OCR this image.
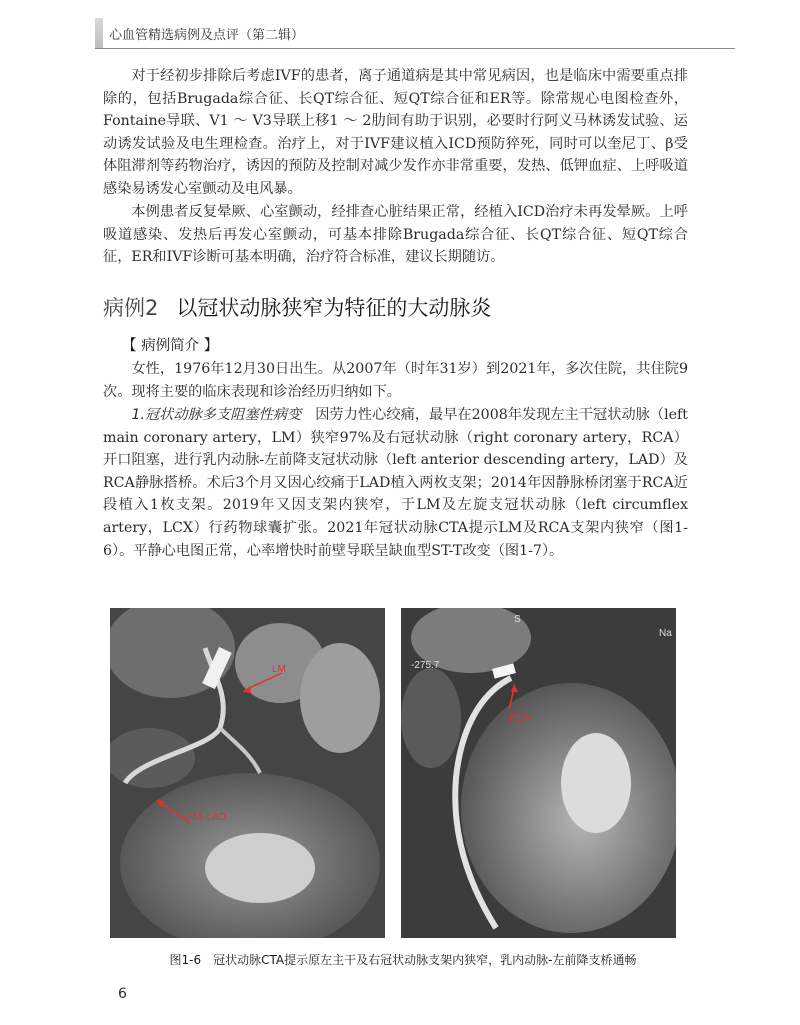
心血管精选病例及点评（第二辑）

对于经初步排除后考虑IVF的患者，离子通道病是其中常见病因，也是临床中需要重点排除的，包括Brugada综合征、长QT综合征、短QT综合征和ER等。除常规心电图检查外，Fontaine导联、V1 ～ V3导联上移1 ～ 2肋间有助于识别，必要时行阿义马林诱发试验、运动诱发试验及电生理检查。治疗上，对于IVF建议植入ICD预防猝死，同时可以奎尼丁、β受体阻滞剂等药物治疗，诱因的预防及控制对减少发作亦非常重要，发热、低钾血症、上呼吸道感染易诱发心室颤动及电风暴。

本例患者反复晕厥、心室颤动，经排查心脏结果正常，经植入ICD治疗未再发晕厥。上呼吸道感染、发热后再发心室颤动，可基本排除Brugada综合征、长QT综合征、短QT综合征，ER和IVF诊断可基本明确，治疗符合标准，建议长期随访。

病例2 以冠状动脉狭窄为特征的大动脉炎
【 病例简介 】

女性，1976年12月30日出生。从2007年（时年31岁）到2021年，多次住院，共住院9次。现将主要的临床表现和诊治经历归纳如下。

1.冠状动脉多支阻塞性病变 因劳力性心绞痛，最早在2008年发现左主干冠状动脉（left main coronary artery，LM）狭窄97%及右冠状动脉（right coronary artery，RCA）开口阻塞，进行乳内动脉-左前降支冠状动脉（left anterior descending artery，LAD）及RCA静脉搭桥。术后3个月又因心绞痛于LAD植入两枚支架；2014年因静脉桥闭塞于RCA近段植入1枚支架。2019年又因支架内狭窄，于LM及左旋支冠状动脉（left circumflex artery，LCX）行药物球囊扩张。2021年冠状动脉CTA提示LM及RCA支架内狭窄（图1-6）。平静心电图正常，心率增快时前壁导联呈缺血型ST-T改变（图1-7）。

LM
LIMA-LAD
-275.7
RCA
Na
S
图1-6　冠状动脉CTA提示原左主干及右冠状动脉支架内狭窄，乳内动脉-左前降支桥通畅
6
